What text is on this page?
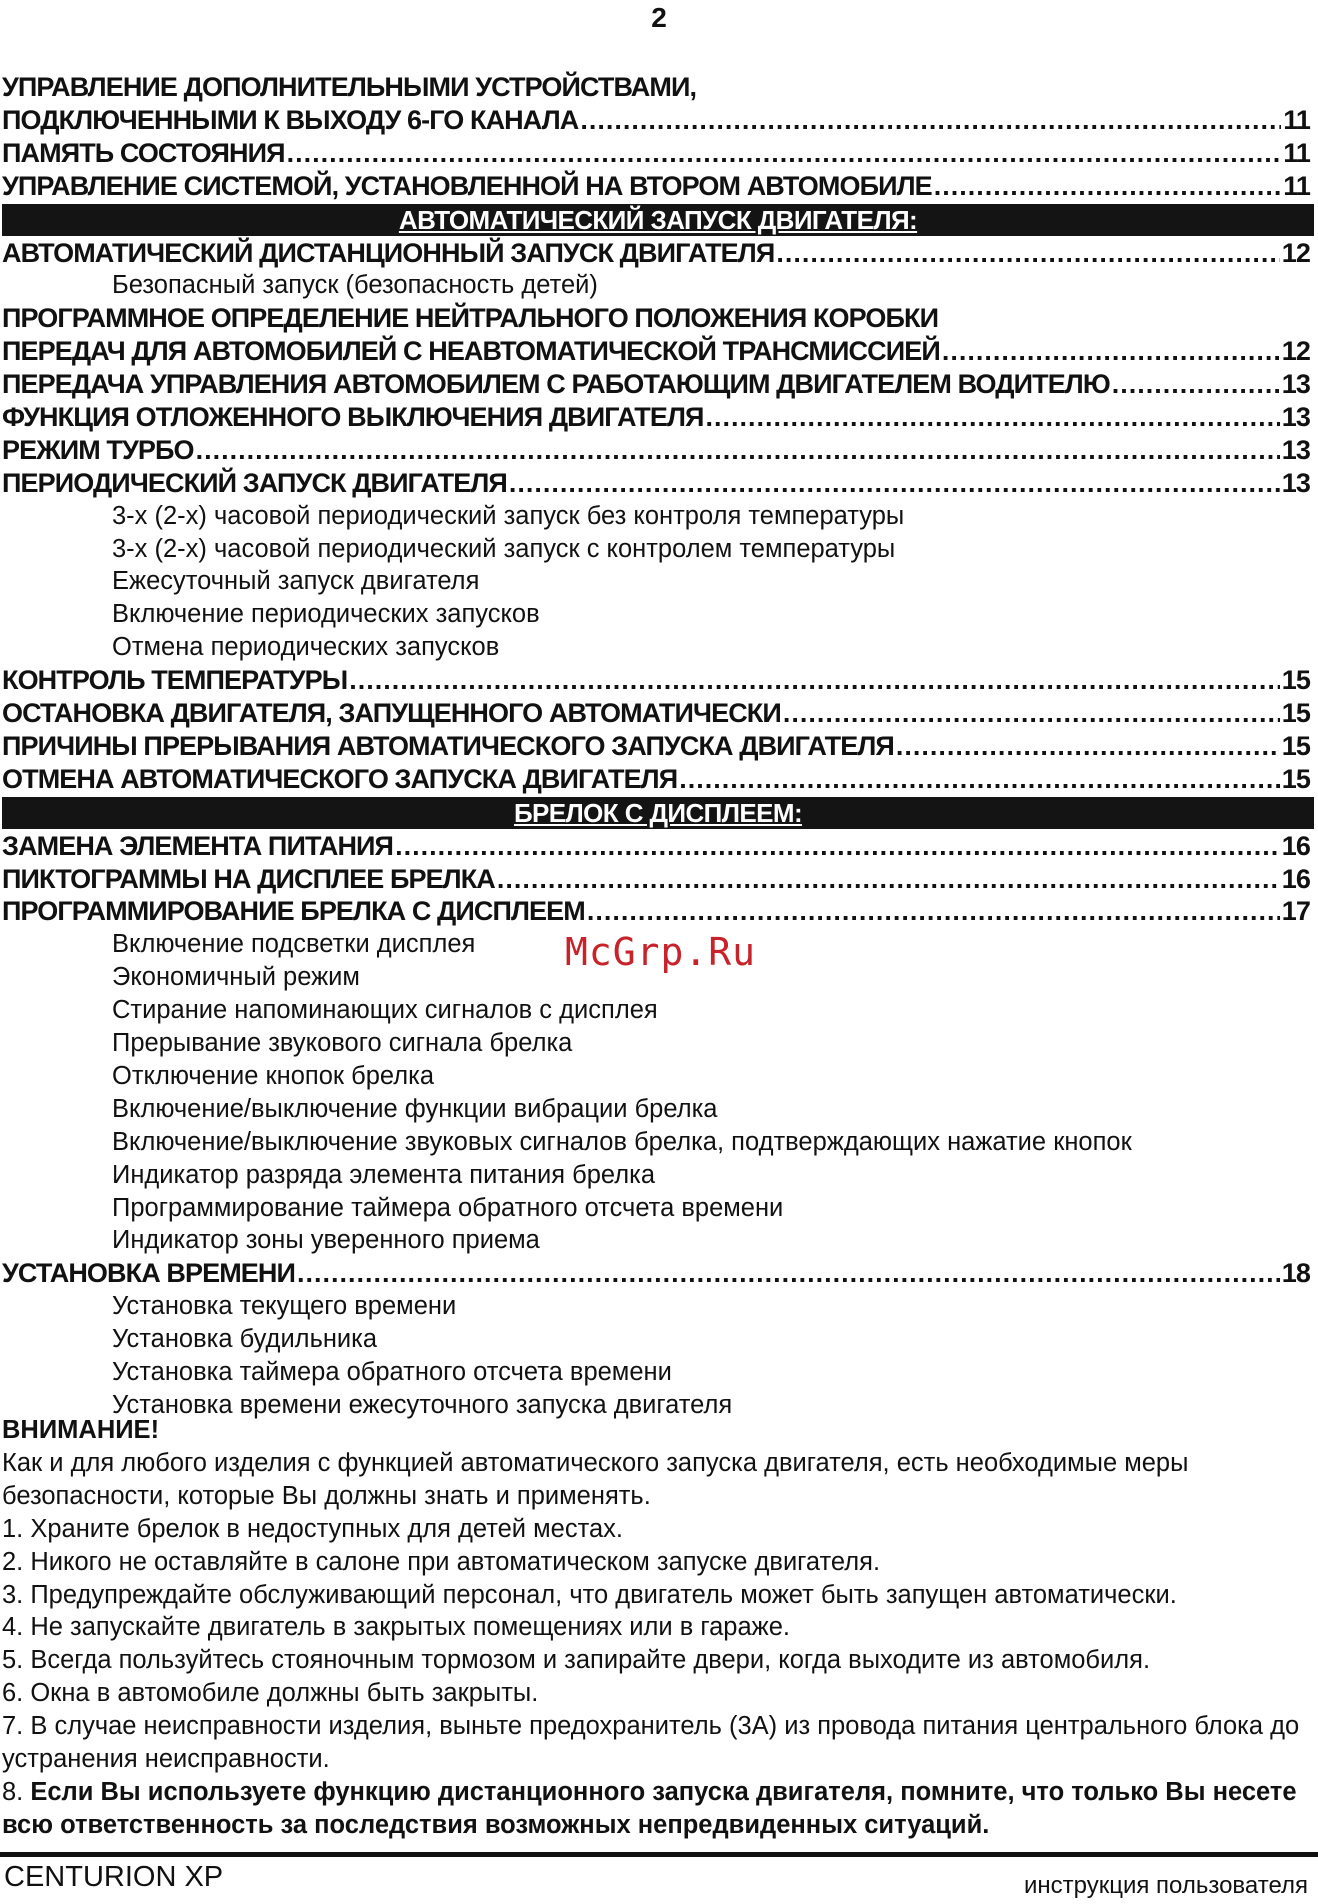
2
УПРАВЛЕНИЕ ДОПОЛНИТЕЛЬНЫМИ УСТРОЙСТВАМИ,
ПОДКЛЮЧЕННЫМИ К ВЫХОДУ 6-ГО КАНАЛА .....	11
ПАМЯТЬ СОСТОЯНИЯ .....	11
УПРАВЛЕНИЕ СИСТЕМОЙ, УСТАНОВЛЕННОЙ НА ВТОРОМ АВТОМОБИЛЕ .....	11
АВТОМАТИЧЕСКИЙ ЗАПУСК ДВИГАТЕЛЯ:
АВТОМАТИЧЕСКИЙ ДИСТАНЦИОННЫЙ ЗАПУСК ДВИГАТЕЛЯ .....	12
Безопасный запуск (безопасность детей)
ПРОГРАММНОЕ ОПРЕДЕЛЕНИЕ НЕЙТРАЛЬНОГО ПОЛОЖЕНИЯ КОРОБКИ
ПЕРЕДАЧ ДЛЯ АВТОМОБИЛЕЙ С НЕАВТОМАТИЧЕСКОЙ ТРАНСМИССИЕЙ .....	12
ПЕРЕДАЧА УПРАВЛЕНИЯ АВТОМОБИЛЕМ С РАБОТАЮЩИМ ДВИГАТЕЛЕМ ВОДИТЕЛЮ .....	13
ФУНКЦИЯ ОТЛОЖЕННОГО ВЫКЛЮЧЕНИЯ ДВИГАТЕЛЯ .....	13
РЕЖИМ ТУРБО .....	13
ПЕРИОДИЧЕСКИЙ ЗАПУСК ДВИГАТЕЛЯ .....	13
3-х (2-х) часовой периодический запуск без контроля температуры
3-х (2-х) часовой периодический запуск с контролем температуры
Ежесуточный запуск двигателя
Включение периодических запусков
Отмена периодических запусков
КОНТРОЛЬ ТЕМПЕРАТУРЫ .....	15
ОСТАНОВКА ДВИГАТЕЛЯ, ЗАПУЩЕННОГО АВТОМАТИЧЕСКИ .....	15
ПРИЧИНЫ ПРЕРЫВАНИЯ АВТОМАТИЧЕСКОГО ЗАПУСКА ДВИГАТЕЛЯ .....	15
ОТМЕНА АВТОМАТИЧЕСКОГО ЗАПУСКА ДВИГАТЕЛЯ .....	15
БРЕЛОК С ДИСПЛЕЕМ:
ЗАМЕНА ЭЛЕМЕНТА ПИТАНИЯ .....	16
ПИКТОГРАММЫ НА ДИСПЛЕЕ БРЕЛКА .....	16
ПРОГРАММИРОВАНИЕ БРЕЛКА С ДИСПЛЕЕМ .....	17
Включение подсветки дисплея
Экономичный режим
Стирание напоминающих сигналов с дисплея
Прерывание звукового сигнала брелка
Отключение кнопок брелка
Включение/выключение функции вибрации брелка
Включение/выключение звуковых сигналов брелка, подтверждающих нажатие кнопок
Индикатор разряда элемента питания брелка
Программирование таймера обратного отсчета времени
Индикатор зоны уверенного приема
УСТАНОВКА ВРЕМЕНИ .....	18
Установка текущего времени
Установка будильника
Установка таймера обратного отсчета времени
Установка времени ежесуточного запуска двигателя
ВНИМАНИЕ!

Как и для любого изделия с функцией автоматического запуска двигателя, есть необходимые меры безопасности, которые Вы должны знать и применять.

1. Храните брелок в недоступных для детей местах.

2. Никого не оставляйте в салоне при автоматическом запуске двигателя.

3. Предупреждайте обслуживающий персонал, что двигатель может быть запущен автоматически.

4. Не запускайте двигатель в закрытых помещениях или в гараже.

5. Всегда пользуйтесь стояночным тормозом и запирайте двери, когда выходите из автомобиля.

6. Окна в автомобиле должны быть закрыты.

7. В случае неисправности изделия, выньте предохранитель (3А) из провода питания центрального блока до устранения неисправности.

8. Если Вы используете функцию дистанционного запуска двигателя, помните, что только Вы несете всю ответственность за последствия возможных непредвиденных ситуаций.

McGrp.Ru
CENTURION XP	инструкция пользователя
